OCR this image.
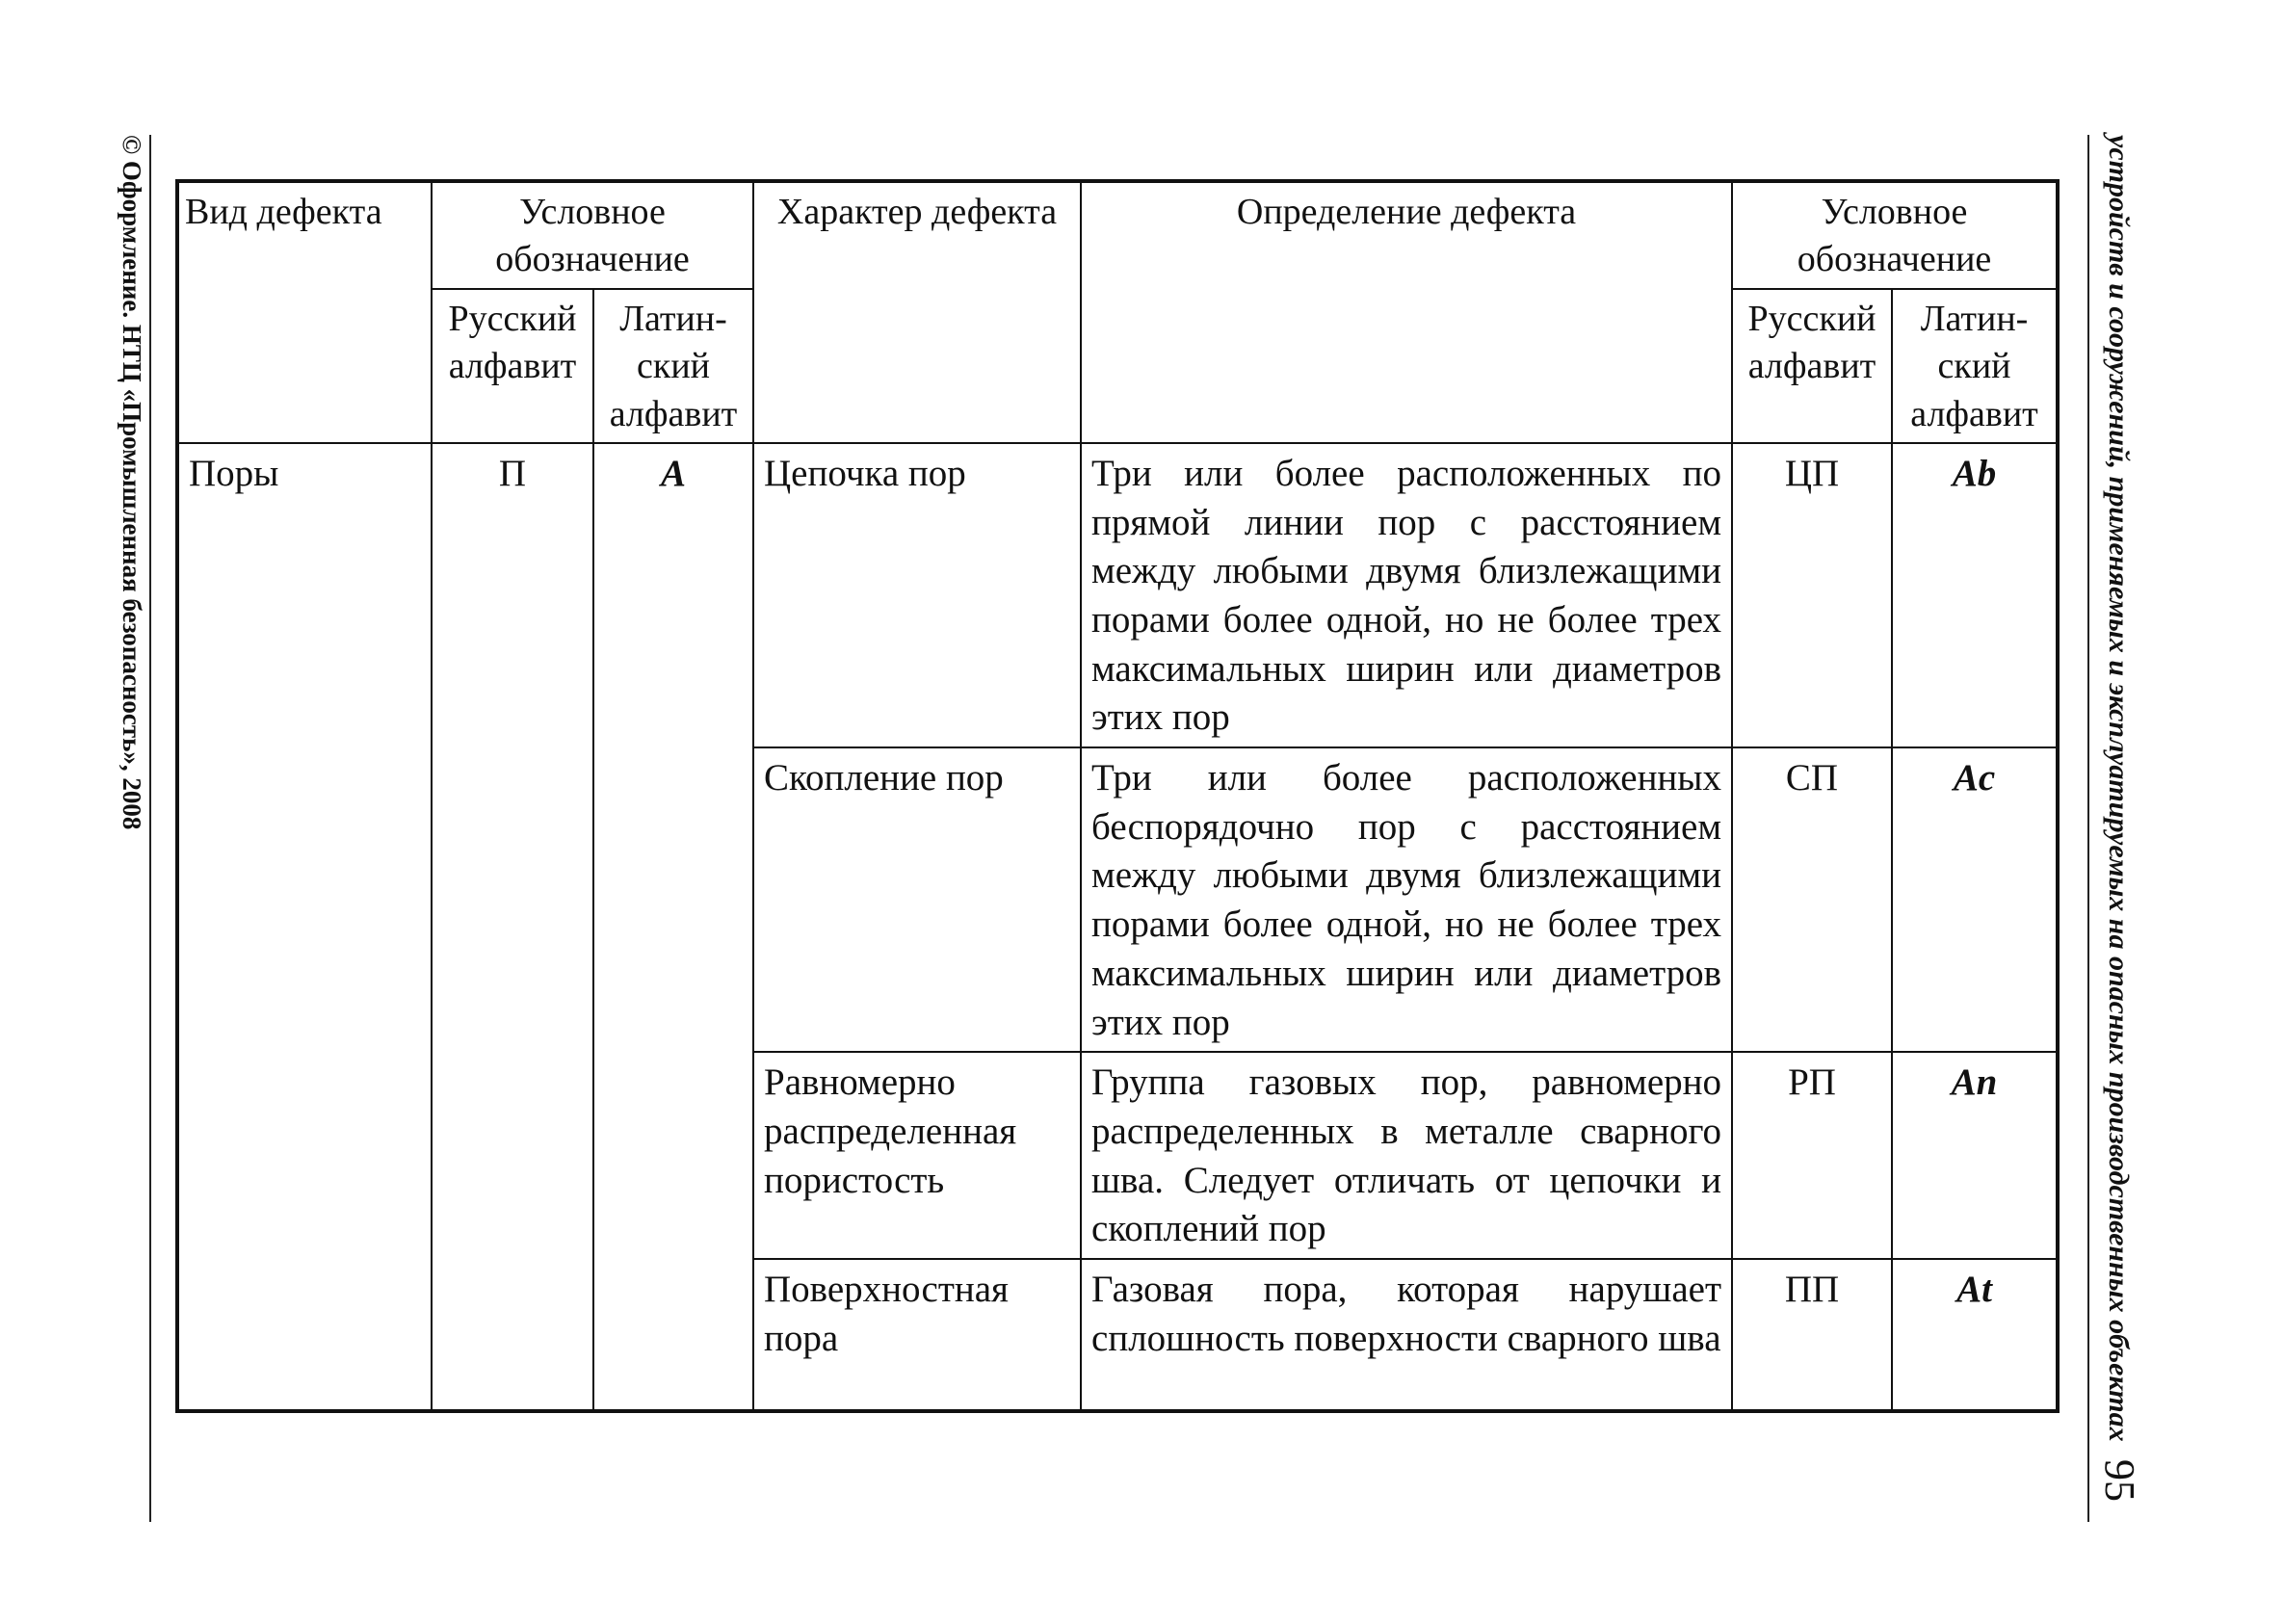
© Оформление. НТЦ «Промышленная безопасность», 2008	устройств и сооружений, применяемых и эксплуатируемых на опасных производственных объектах
95
Вид дефекта	Условное обозначение		Характер дефекта	Определение дефекта	Условное обозначение	
	Русский алфавит	Латин-ский алфавит			Русский алфавит	Латин-ский алфавит
Поры	П	A	Цепочка пор	Три или более расположенных по прямой линии пор с расстоянием между любыми двумя близлежащими порами более одной, но не более трех максимальных ширин или диаметров этих пор	ЦП	Ab
			Скопление пор	Три или более расположенных беспорядочно пор с расстоянием между любыми двумя близлежащими порами более одной, но не более трех максимальных ширин или диаметров этих пор	СП	Ac
			Равномерно распределенная пористость	Группа газовых пор, равномерно распределенных в металле сварного шва. Следует отличать от цепочки и скоплений пор	РП	An
			Поверхностная пора	Газовая пора, которая нарушает сплошность поверхности сварного шва	ПП	At
